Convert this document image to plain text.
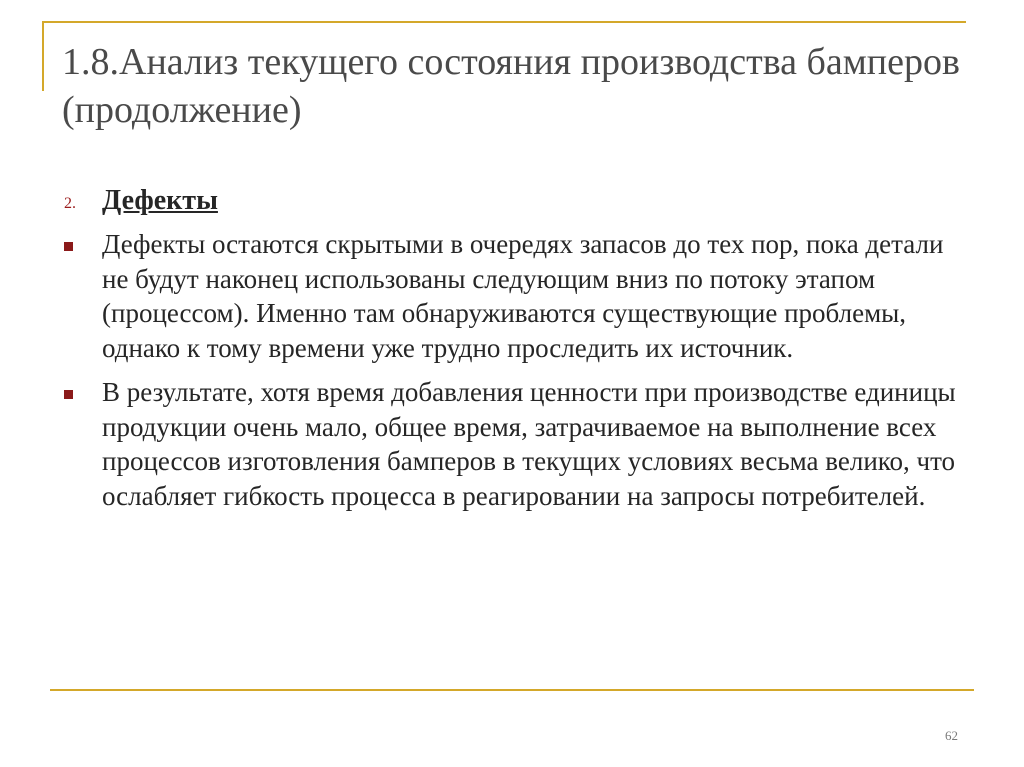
1.8.Анализ текущего состояния производства бамперов (продолжение)
2. Дефекты
Дефекты остаются скрытыми в очередях запасов до тех пор, пока детали не будут наконец использованы следующим вниз по потоку этапом (процессом). Именно там обнаруживаются существующие проблемы, однако к тому времени уже трудно проследить их источник.
В результате, хотя время добавления ценности при производстве единицы продукции очень мало, общее время, затрачиваемое на выполнение всех процессов изготовления бамперов в текущих условиях весьма велико, что ослабляет гибкость процесса в реагировании на запросы потребителей.
62
